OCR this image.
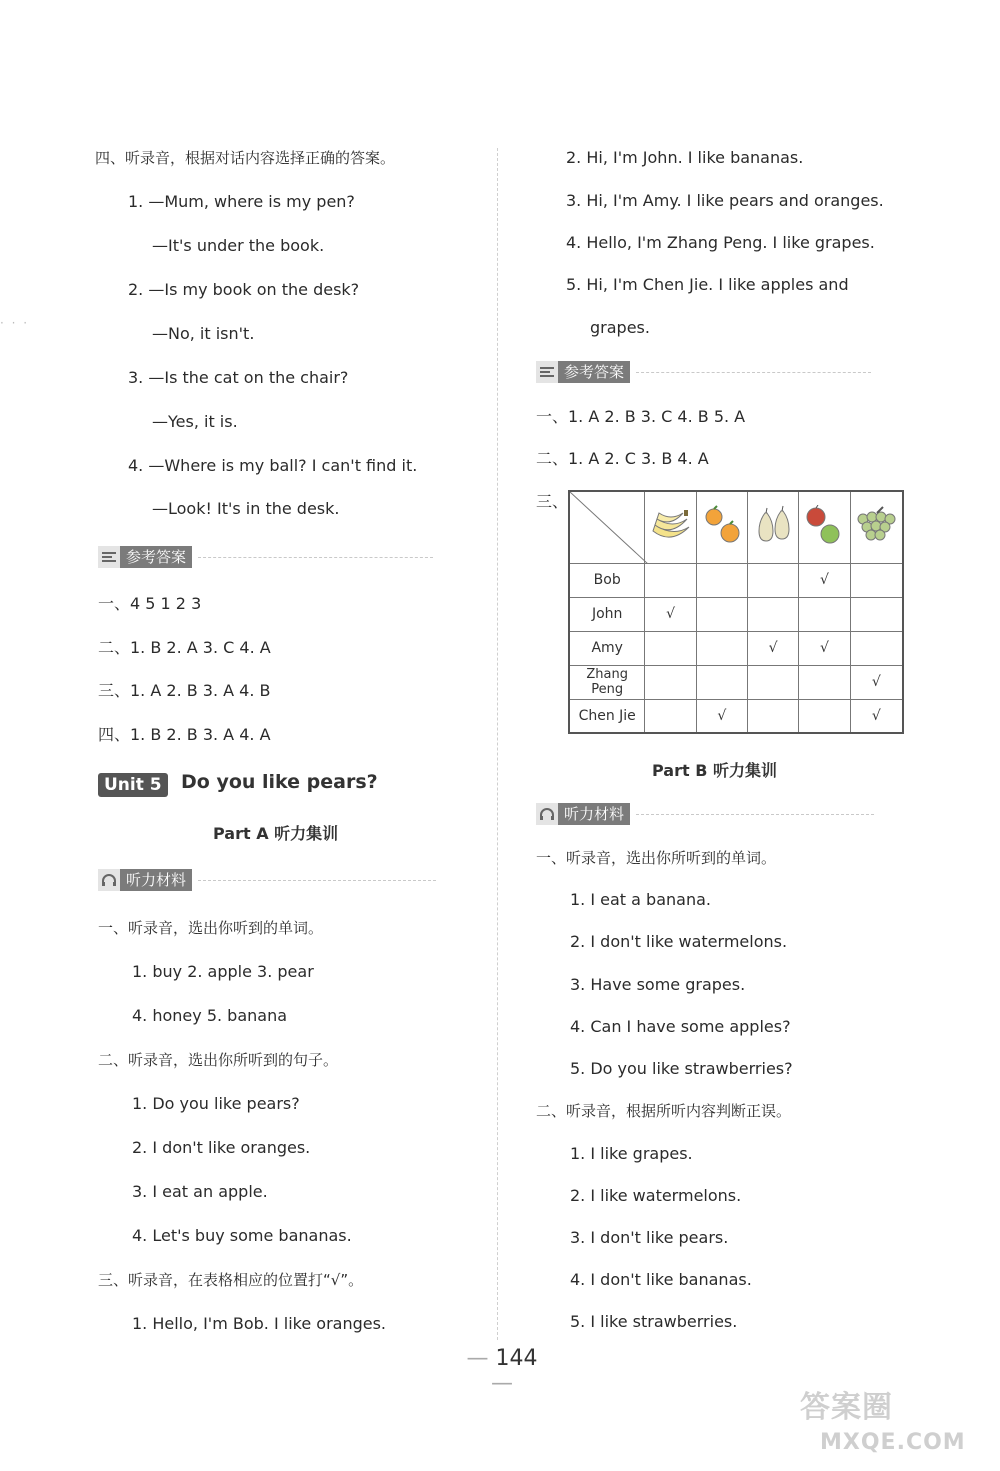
· · ·
四、听录音，根据对话内容选择正确的答案。
1. —Mum, where is my pen?
—It's under the book.
2. —Is my book on the desk?
—No, it isn't.
3. —Is the cat on the chair?
—Yes, it is.
4. —Where is my ball? I can't find it.
—Look! It's in the desk.
参考答案
一、4 5 1 2 3
二、1. B 2. A 3. C 4. A
三、1. A 2. B 3. A 4. B
四、1. B 2. B 3. A 4. A
Unit 5	Do you like pears?
Part A 听力集训
听力材料
一、听录音，选出你听到的单词。
1. buy 2. apple 3. pear
4. honey 5. banana
二、听录音，选出你所听到的句子。
1. Do you like pears?
2. I don't like oranges.
3. I eat an apple.
4. Let's buy some bananas.
三、听录音，在表格相应的位置打“√”。
1. Hello, I'm Bob. I like oranges.
2. Hi, I'm John. I like bananas.
3. Hi, I'm Amy. I like pears and oranges.
4. Hello, I'm Zhang Peng. I like grapes.
5. Hi, I'm Chen Jie. I like apples and
grapes.
参考答案
一、1. A 2. B 3. C 4. B 5. A
二、1. A 2. C 3. B 4. A
三、

Bob				√	
John	√				
Amy			√	√	
Zhang Peng					√
Chen Jie		√			√
Part B 听力集训
听力材料
一、听录音，选出你所听到的单词。
1. I eat a banana.
2. I don't like watermelons.
3. Have some grapes.
4. Can I have some apples?
5. Do you like strawberries?
二、听录音，根据所听内容判断正误。
1. I like grapes.
2. I like watermelons.
3. I don't like pears.
4. I don't like bananas.
5. I like strawberries.
— 144 —
答案圈
MXQE.COM
